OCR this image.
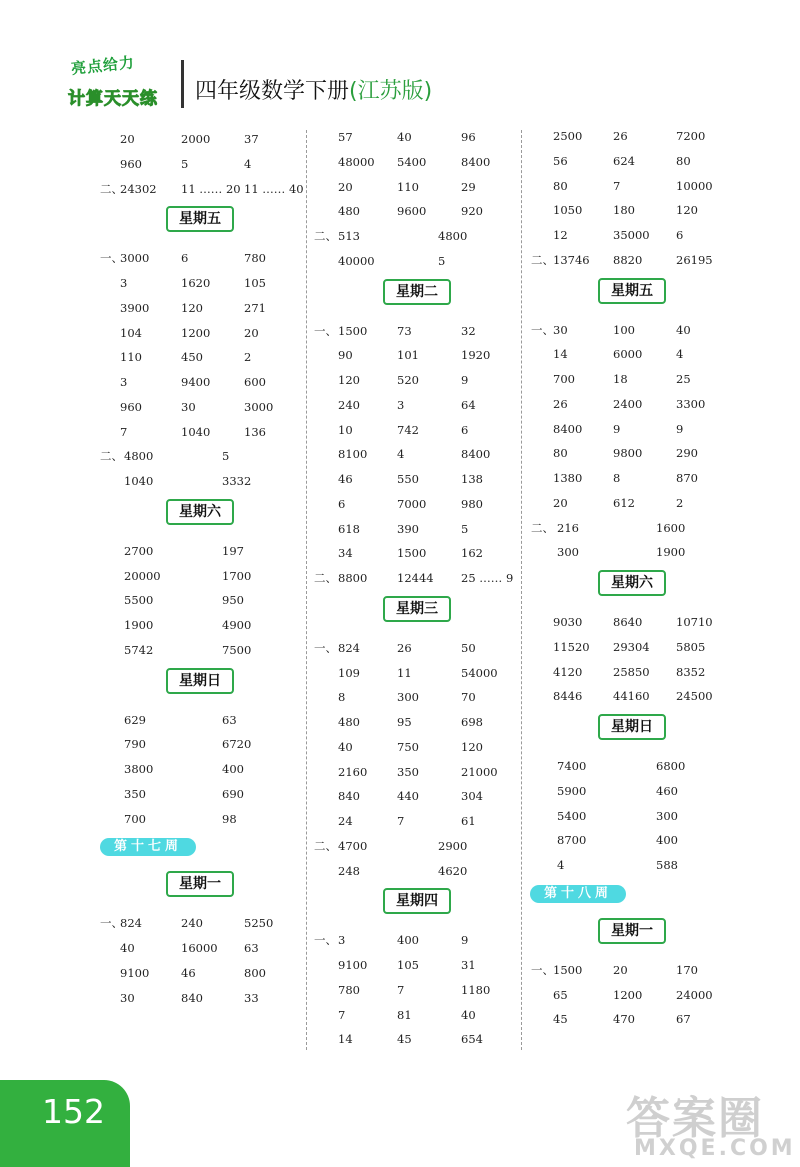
亮点给力
计算天天练 四年级数学下册(江苏版)
20	2000	37
960	5	4
二、
24302 11 …… 20 11 …… 40
星期五
一、
3000	6	780
3	1620	105
3900	120	271
104	1200	20
110	450	2
3	9400	600
960	30	3000
7	1040	136
二、 4800	5
1040	3332
星期六
2700	197
20000	1700
5500	950
1900	4900
5742	7500
星期日
629	63
790	6720
3800	400
350	690
700	98
第十七周
星期一
一、
824	240	5250
40	16000 63
9100	46	800
30	840	33
57	40	96
48000 5400	8400
20	110	29
480	9600	920
二、 513	4800
40000	5
星期二
一、 1500	73	32
90	101	1920
120	520	9
240	3	64
10	742	6
8100	4	8400
46	550	138
6	7000	980
618	390	5
34	1500	162
二、 8800	12444 25 …… 9
星期三
一、 824	26	50
109	11	54000
8	300	70
480	95	698
40	750	120
2160	350	21000
840	440	304
24	7	61
二、 4700	2900
248	4620
星期四
一、 3	400	9
9100	105	31
780	7	1180
7	81	40
14	45	654
2500	26	7200
56	624	80
80	7	10000
1050	180	120
12	35000 6
二、 13746 8820	26195
星期五
一、 30	100	40
14	6000	4
700	18	25
26	2400	3300
8400	9	9
80	9800	290
1380	8	870
20	612	2
二、 216	1600
300	1900
星期六
9030	8640	10710
11520 29304 5805
4120	25850 8352
8446	44160 24500
星期日
7400	6800
5900	460
5400	300
8700	400
4	588
第十八周
星期一
一、 1500	20	170
65	1200	24000
45	470	67
152	答案圈
MXQE.COM
